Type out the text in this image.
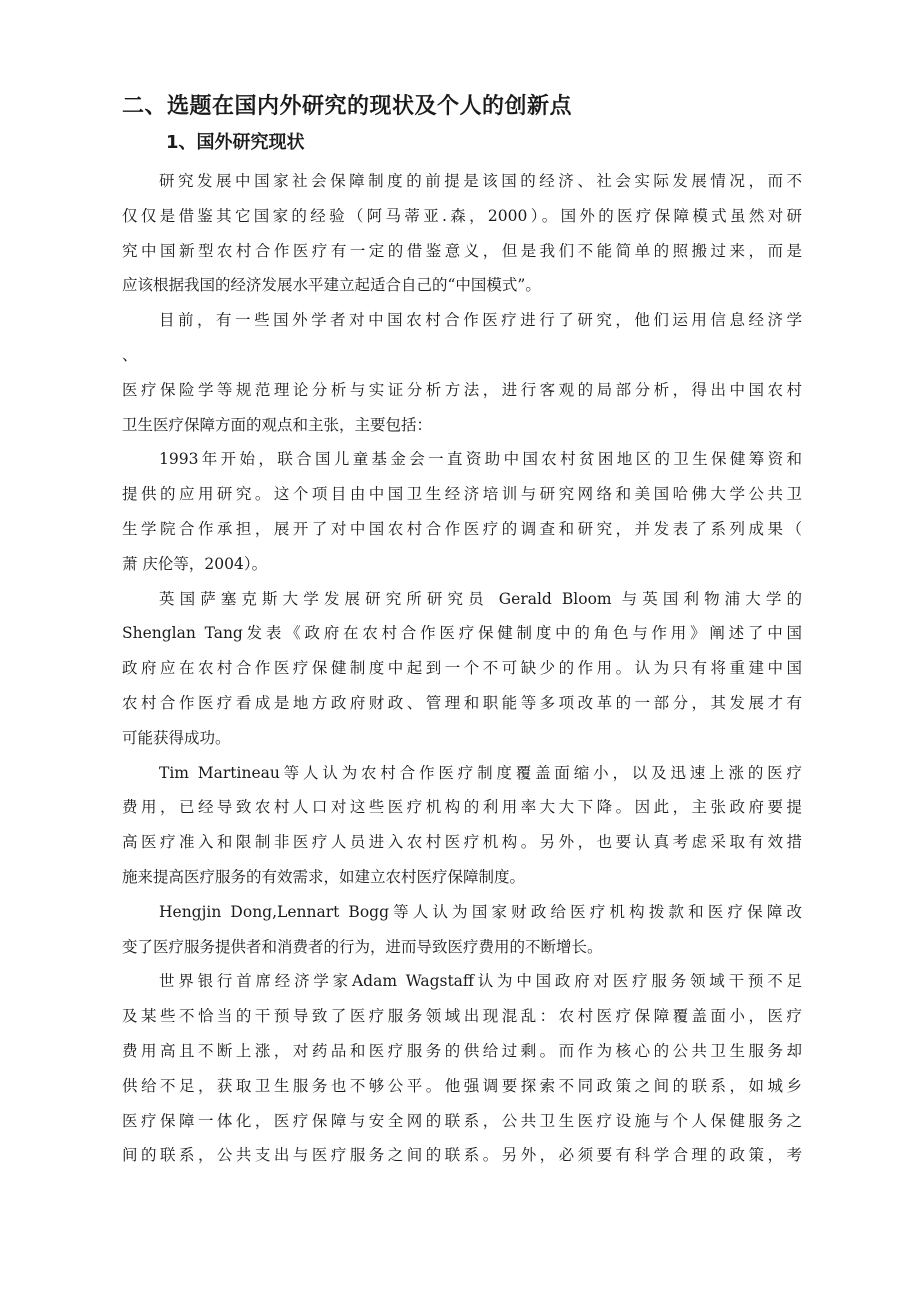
二、选题在国内外研究的现状及个人的创新点
1、国外研究现状
研究发展中国家社会保障制度的前提是该国的经济、社会实际发展情况，而不
仅仅是借鉴其它国家的经验（阿马蒂亚.森，2000）。国外的医疗保障模式虽然对研
究中国新型农村合作医疗有一定的借鉴意义，但是我们不能简单的照搬过来，而是
应该根据我国的经济发展水平建立起适合自己的“中国模式”。
目前，有一些国外学者对中国农村合作医疗进行了研究，他们运用信息经济学
、
医疗保险学等规范理论分析与实证分析方法，进行客观的局部分析，得出中国农村
卫生医疗保障方面的观点和主张，主要包括：
1993年开始，联合国儿童基金会一直资助中国农村贫困地区的卫生保健筹资和
提供的应用研究。这个项目由中国卫生经济培训与研究网络和美国哈佛大学公共卫
生学院合作承担，展开了对中国农村合作医疗的调查和研究，并发表了系列成果（
萧 庆伦等，2004）。
英国萨塞克斯大学发展研究所研究员 Gerald Bloom 与英国利物浦大学的
Shenglan Tang发表《政府在农村合作医疗保健制度中的角色与作用》阐述了中国
政府应在农村合作医疗保健制度中起到一个不可缺少的作用。认为只有将重建中国
农村合作医疗看成是地方政府财政、管理和职能等多项改革的一部分，其发展才有
可能获得成功。
Tim Martineau等人认为农村合作医疗制度覆盖面缩小，以及迅速上涨的医疗
费用，已经导致农村人口对这些医疗机构的利用率大大下降。因此，主张政府要提
高医疗准入和限制非医疗人员进入农村医疗机构。另外，也要认真考虑采取有效措
施来提高医疗服务的有效需求，如建立农村医疗保障制度。
Hengjin Dong,Lennart Bogg等人认为国家财政给医疗机构拨款和医疗保障改
变了医疗服务提供者和消费者的行为，进而导致医疗费用的不断增长。
世界银行首席经济学家Adam Wagstaff认为中国政府对医疗服务领域干预不足
及某些不恰当的干预导致了医疗服务领域出现混乱：农村医疗保障覆盖面小，医疗
费用高且不断上涨，对药品和医疗服务的供给过剩。而作为核心的公共卫生服务却
供给不足，获取卫生服务也不够公平。他强调要探索不同政策之间的联系，如城乡
医疗保障一体化，医疗保障与安全网的联系，公共卫生医疗设施与个人保健服务之
间的联系，公共支出与医疗服务之间的联系。另外，必须要有科学合理的政策，考
